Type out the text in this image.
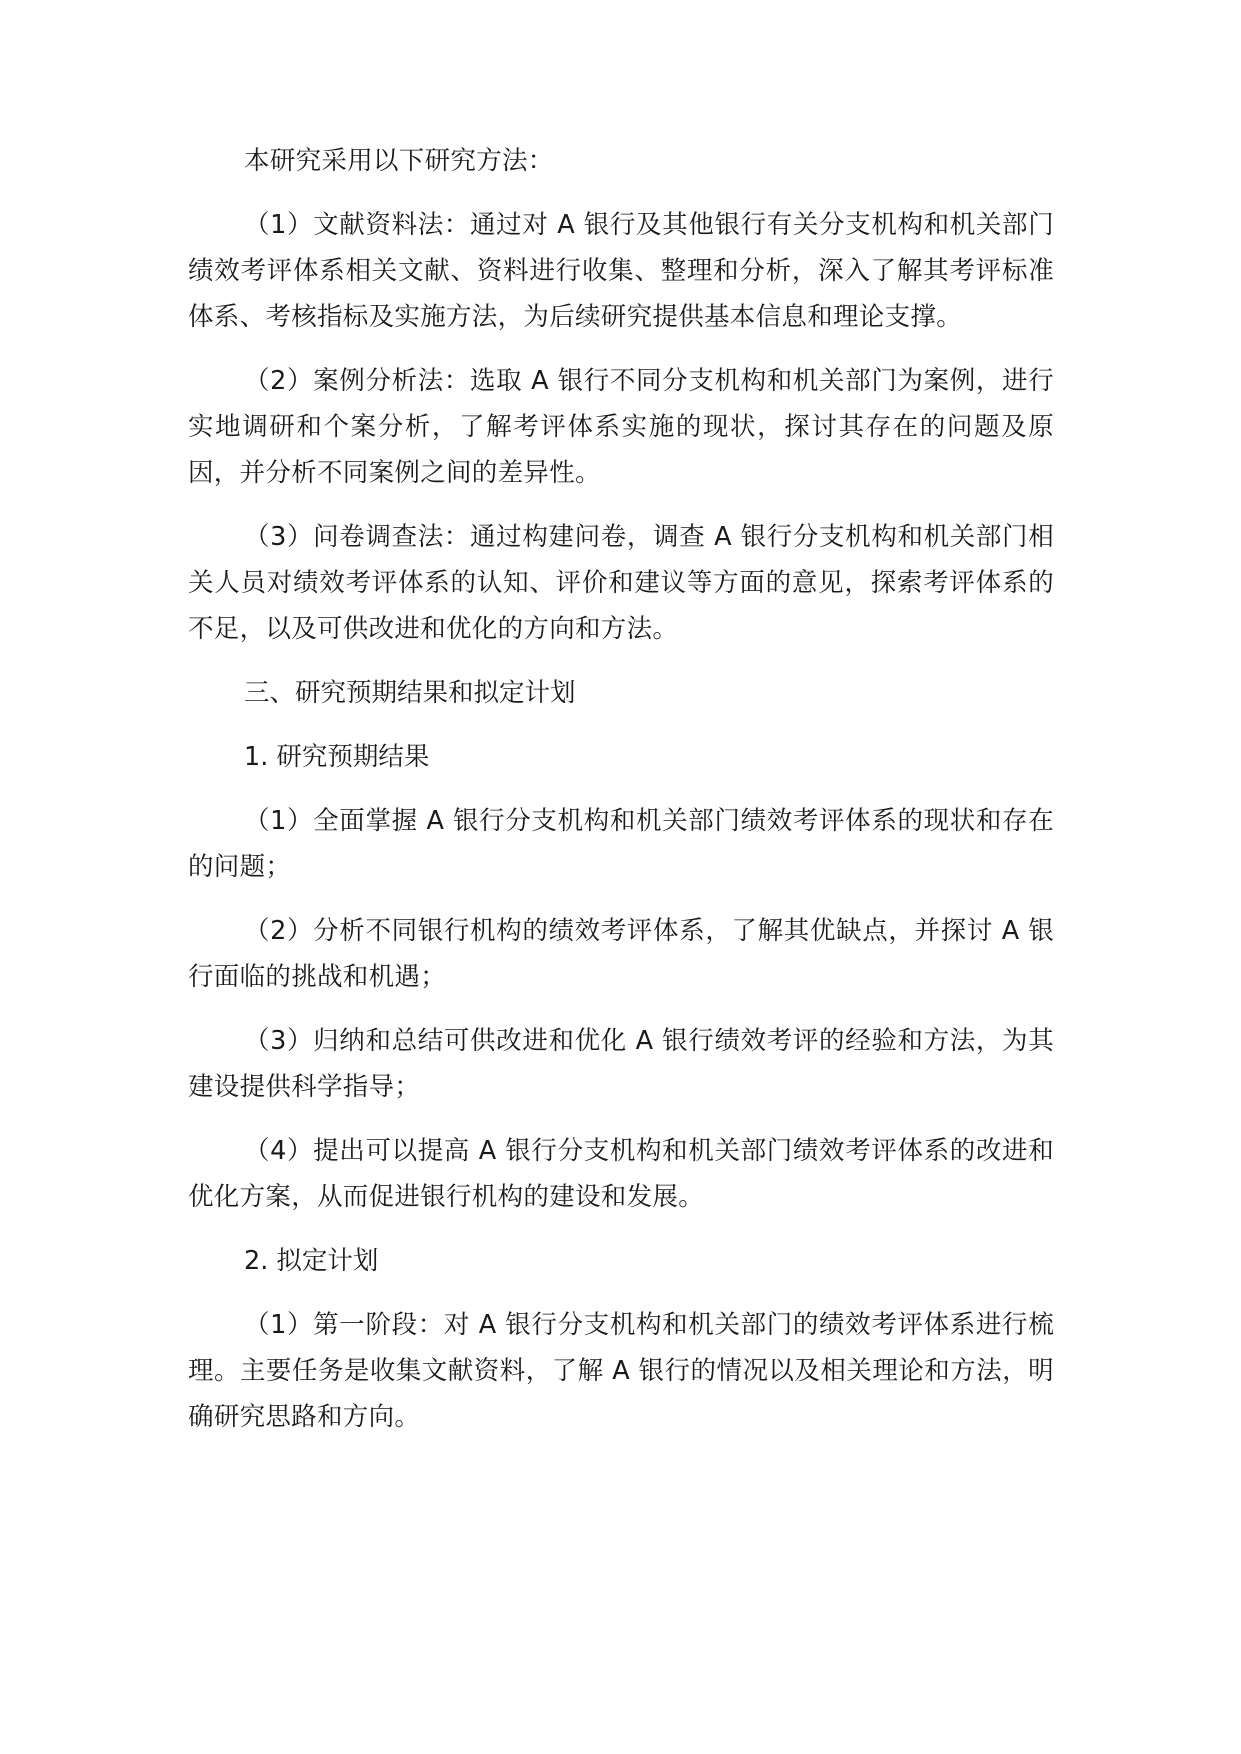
本研究采用以下研究方法：

（1）文献资料法：通过对 A 银行及其他银行有关分支机构和机关部门绩效考评体系相关文献、资料进行收集、整理和分析，深入了解其考评标准体系、考核指标及实施方法，为后续研究提供基本信息和理论支撑。

（2）案例分析法：选取 A 银行不同分支机构和机关部门为案例，进行实地调研和个案分析，了解考评体系实施的现状，探讨其存在的问题及原因，并分析不同案例之间的差异性。

（3）问卷调查法：通过构建问卷，调查 A 银行分支机构和机关部门相关人员对绩效考评体系的认知、评价和建议等方面的意见，探索考评体系的不足，以及可供改进和优化的方向和方法。

三、研究预期结果和拟定计划

1. 研究预期结果

（1）全面掌握 A 银行分支机构和机关部门绩效考评体系的现状和存在的问题；

（2）分析不同银行机构的绩效考评体系，了解其优缺点，并探讨 A 银行面临的挑战和机遇；

（3）归纳和总结可供改进和优化 A 银行绩效考评的经验和方法，为其建设提供科学指导；

（4）提出可以提高 A 银行分支机构和机关部门绩效考评体系的改进和优化方案，从而促进银行机构的建设和发展。

2. 拟定计划

（1）第一阶段：对 A 银行分支机构和机关部门的绩效考评体系进行梳理。主要任务是收集文献资料，了解 A 银行的情况以及相关理论和方法，明确研究思路和方向。
